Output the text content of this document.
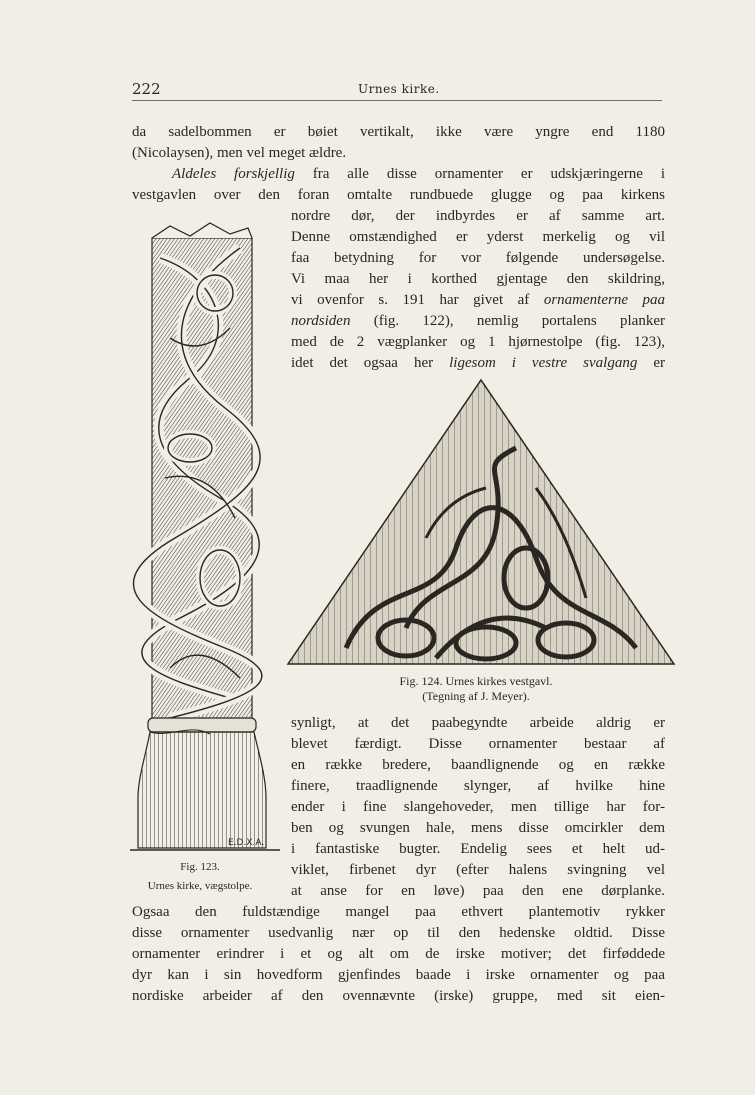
222	Urnes kirke.
da sadelbommen er bøiet vertikalt, ikke være yngre end 1180
(Nicolaysen), men vel meget ældre.
Aldeles forskjellig fra alle disse ornamenter er udskjæringerne i
vestgavlen over den foran omtalte rundbuede glugge og paa kirkens
nordre dør, der indbyrdes er af samme art.
Denne omstændighed er yderst merkelig og vil
faa betydning for vor følgende undersøgelse.
Vi maa her i korthed gjentage den skildring,
vi ovenfor s. 191 har givet af ornamenterne paa
nordsiden (fig. 122), nemlig portalens planker
med de 2 vægplanker og 1 hjørnestolpe (fig. 123),
idet det ogsaa her ligesom i vestre svalgang er
E.D.X.A.
Fig. 124. Urnes kirkes vestgavl.
(Tegning af J. Meyer).
synligt, at det paabegyndte arbeide aldrig er
blevet færdigt. Disse ornamenter bestaar af
en række bredere, baandlignende og en række
finere, traadlignende slynger, af hvilke hine
ender i fine slangehoveder, men tillige har for-
ben og svungen hale, mens disse omcirkler dem
i fantastiske bugter. Endelig sees et helt ud-
viklet, firbenet dyr (efter halens svingning vel
at anse for en løve) paa den ene dørplanke.
Fig. 123.
Urnes kirke, vægstolpe.
Ogsaa den fuldstændige mangel paa ethvert plantemotiv rykker
disse ornamenter usedvanlig nær op til den hedenske oldtid. Disse
ornamenter erindrer i et og alt om de irske motiver; det firføddede
dyr kan i sin hovedform gjenfindes baade i irske ornamenter og paa
nordiske arbeider af den ovennævnte (irske) gruppe, med sit eien-
